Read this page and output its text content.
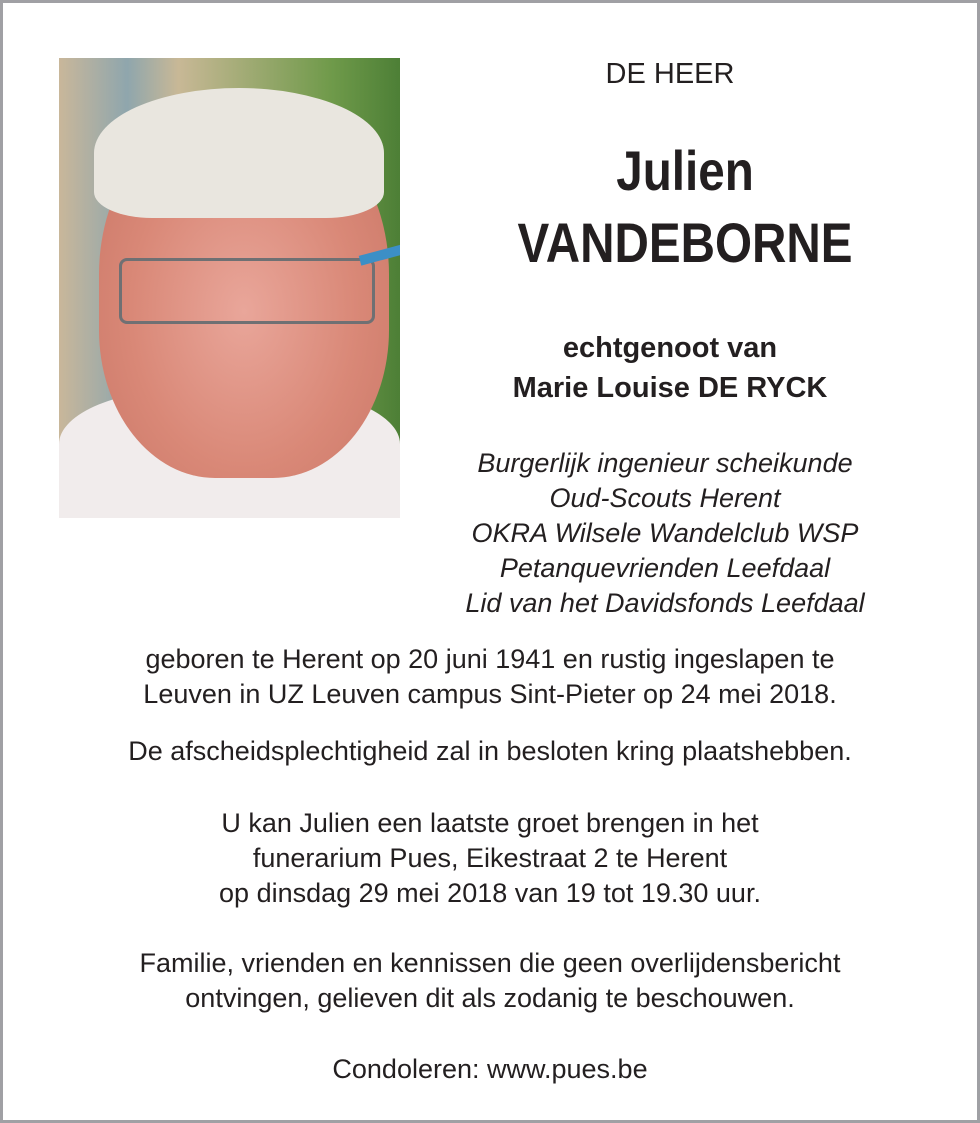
DE HEER
Julien
VANDEBORNE
echtgenoot van
Marie Louise DE RYCK
Burgerlijk ingenieur scheikunde
Oud-Scouts Herent
OKRA Wilsele Wandelclub WSP
Petanquevrienden Leefdaal
Lid van het Davidsfonds Leefdaal
geboren te Herent op 20 juni 1941 en rustig ingeslapen te
Leuven in UZ Leuven campus Sint-Pieter op 24 mei 2018.
De afscheidsplechtigheid zal in besloten kring plaatshebben.
U kan Julien een laatste groet brengen in het
funerarium Pues, Eikestraat 2 te Herent
op dinsdag 29 mei 2018 van 19 tot 19.30 uur.
Familie, vrienden en kennissen die geen overlijdensbericht
ontvingen, gelieven dit als zodanig te beschouwen.
Condoleren: www.pues.be
